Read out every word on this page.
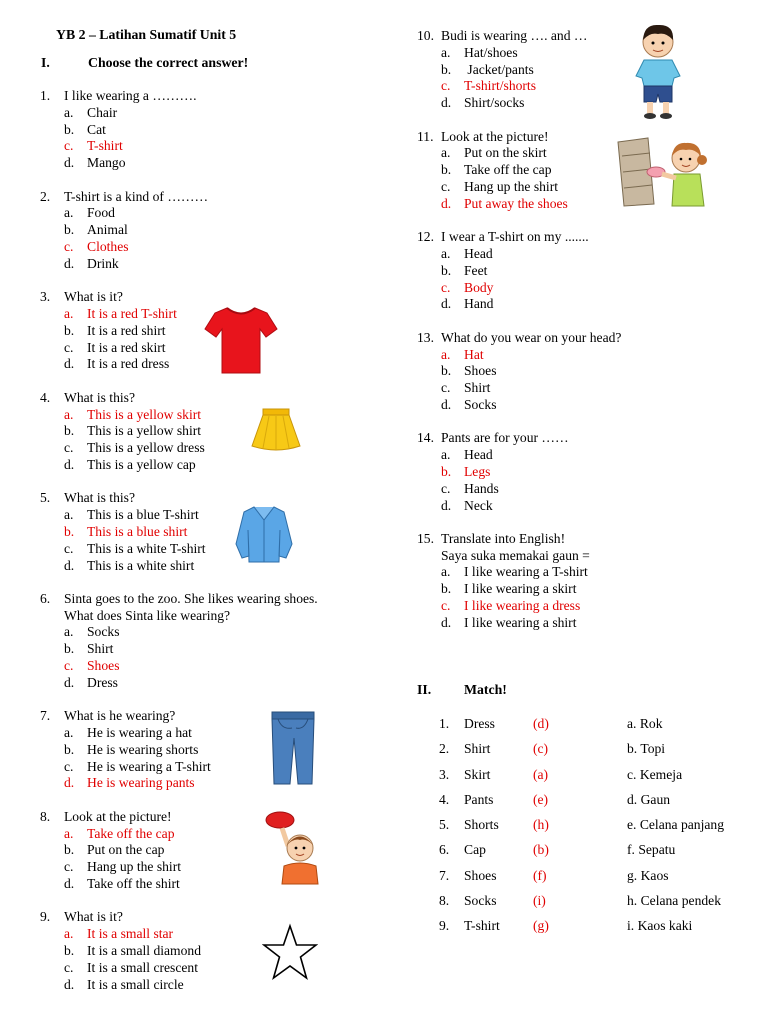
YB 2 – Latihan Sumatif Unit 5
I.	Choose the correct answer!
1.	I like wearing a ……….
a. Chair
b. Cat
c. T-shirt
d. Mango
2.	T-shirt is a kind of ………
a. Food
b. Animal
c. Clothes
d. Drink
3.	What is it?
a. It is a red T-shirt
b. It is a red shirt
c. It is a red skirt
d. It is a red dress
4.	What is this?
a. This is a yellow skirt
b. This is a yellow shirt
c. This is a yellow dress
d. This is a yellow cap
5.	What is this?
a. This is a blue T-shirt
b. This is a blue shirt
c. This is a white T-shirt
d. This is a white shirt
6.	Sinta goes to the zoo. She likes wearing shoes.
What does Sinta like wearing?
a. Socks
b. Shirt
c. Shoes
d. Dress
7.	What is he wearing?
a. He is wearing a hat
b. He is wearing shorts
c. He is wearing a T-shirt
d. He is wearing pants
8.	Look at the picture!
a. Take off the cap
b. Put on the cap
c. Hang up the shirt
d. Take off the shirt
9.	What is it?
a. It is a small star
b. It is a small diamond
c. It is a small crescent
d. It is a small circle
10. Budi is wearing …. and …
a. Hat/shoes
b. Jacket/pants
c. T-shirt/shorts
d. Shirt/socks
11. Look at the picture!
a. Put on the skirt
b. Take off the cap
c. Hang up the shirt
d. Put away the shoes
12. I wear a T-shirt on my .......
a. Head
b. Feet
c. Body
d. Hand
13. What do you wear on your head?
a. Hat
b. Shoes
c. Shirt
d. Socks
14. Pants are for your ……
a. Head
b. Legs
c. Hands
d. Neck
15. Translate into English!
Saya suka memakai gaun =
a. I like wearing a T-shirt
b. I like wearing a skirt
c. I like wearing a dress
d. I like wearing a shirt
II. Match!
1. Dress	(d)	a. Rok
2. Shirt	(c)	b. Topi
3. Skirt	(a)	c. Kemeja
4. Pants	(e)	d. Gaun
5. Shorts	(h)	e. Celana panjang
6. Cap	(b)	f. Sepatu
7. Shoes	(f)	g. Kaos
8. Socks	(i)	h. Celana pendek
9. T-shirt (g)	i. Kaos kaki
